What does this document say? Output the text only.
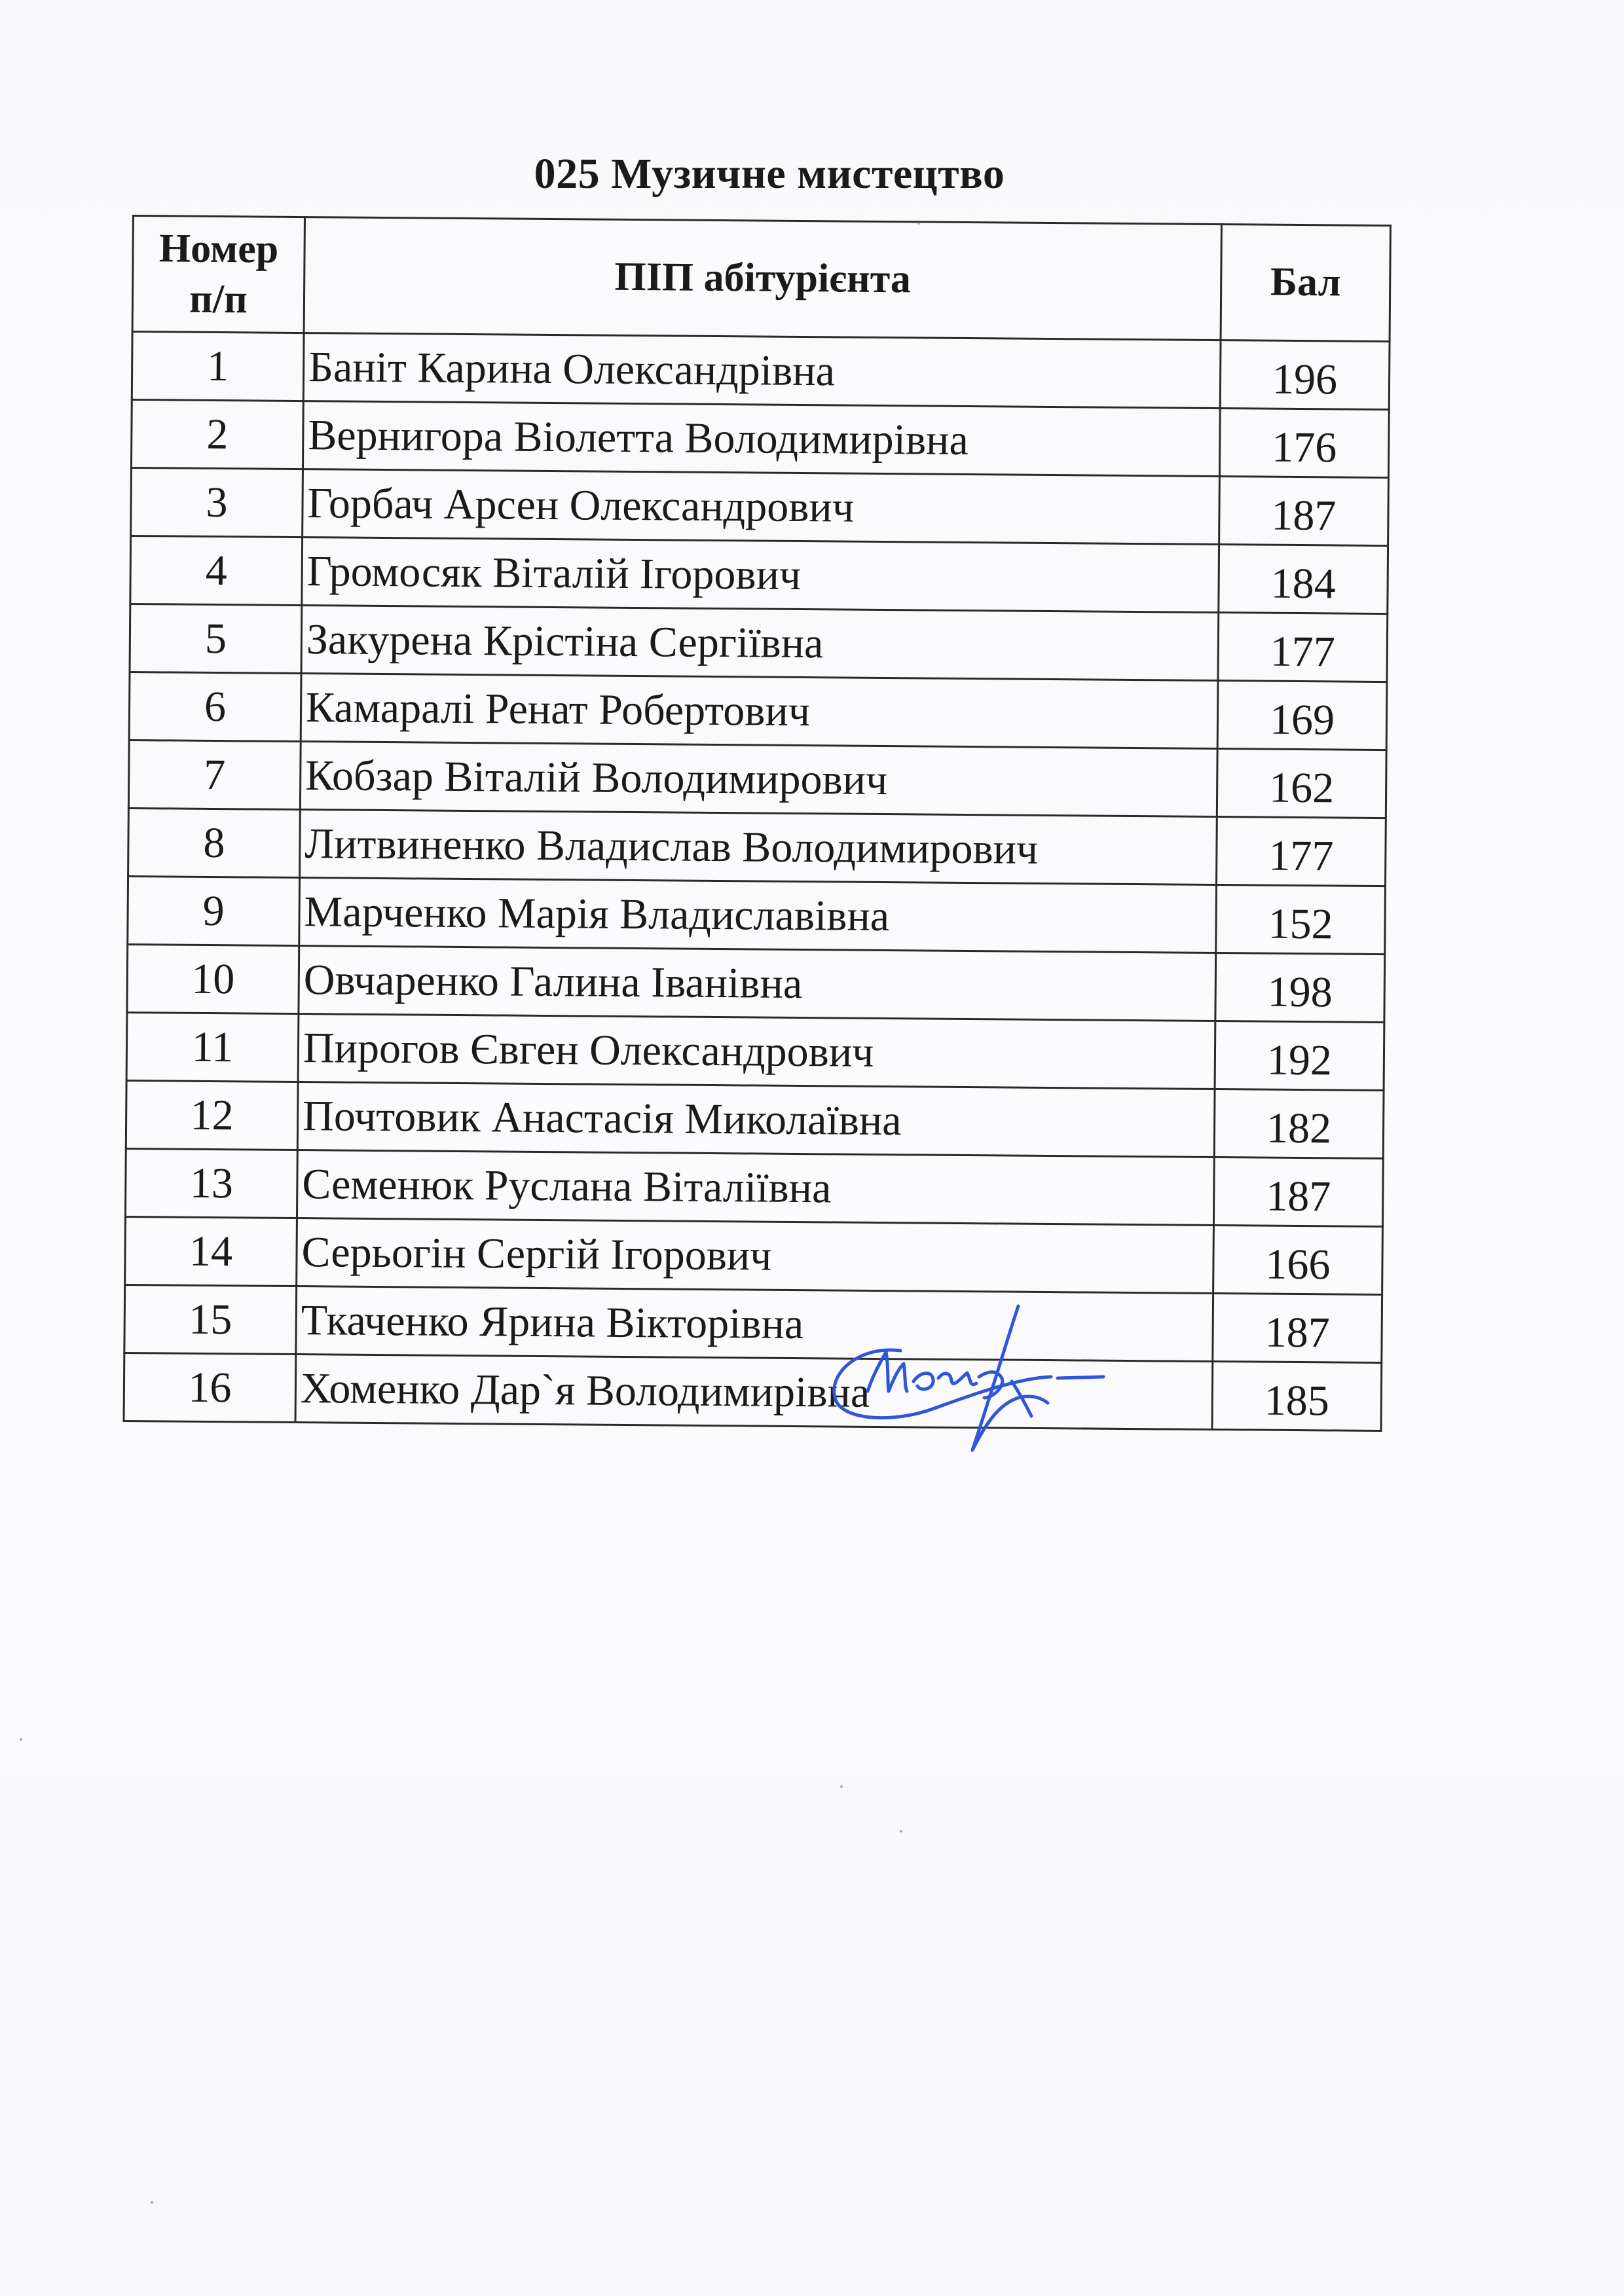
025 Музичне мистецтво
Номер
п/п	ПІП абітурієнта	Бал
1	Баніт Карина Олександрівна	196
2	Вернигора Віолетта Володимирівна	176
3	Горбач Арсен Олександрович	187
4	Громосяк Віталій Ігорович	184
5	Закурена Крістіна Сергіївна	177
6	Камаралі Ренат Робертович	169
7	Кобзар Віталій Володимирович	162
8	Литвиненко Владислав Володимирович	177
9	Марченко Марія Владиславівна	152
10	Овчаренко Галина Іванівна	198
11	Пирогов Євген Олександрович	192
12	Почтовик Анастасія Миколаївна	182
13	Семенюк Руслана Віталіївна	187
14	Серьогін Сергій Ігорович	166
15	Ткаченко Ярина Вікторівна	187
16	Хоменко Дар`я Володимирівна	185
